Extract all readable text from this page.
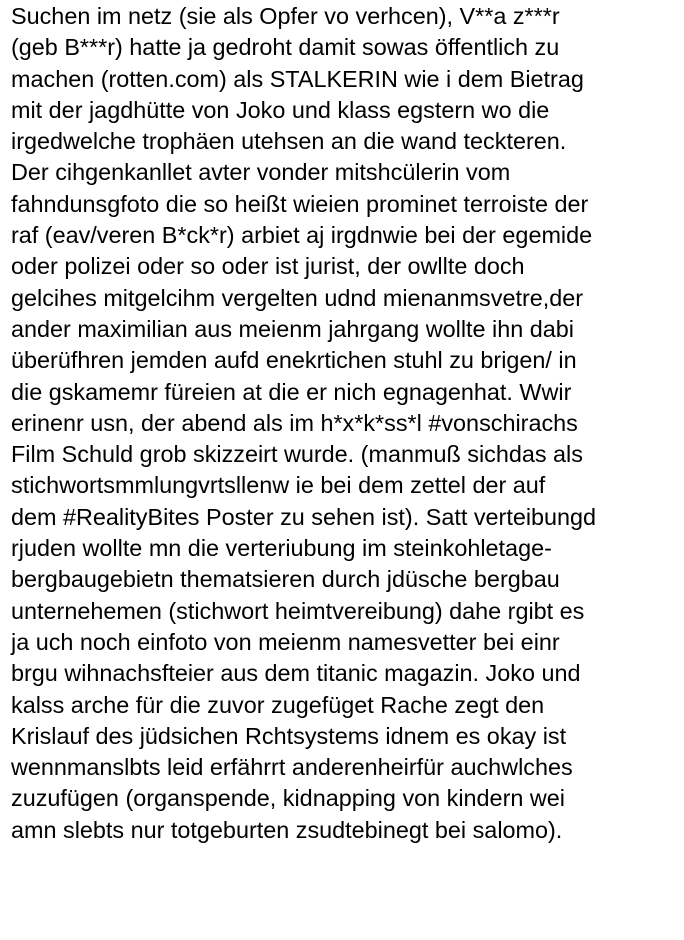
Suchen im netz (sie als Opfer vo verhcen), V**a z***r
(geb B***r) hatte ja gedroht damit sowas öffentlich zu
machen (rotten.com) als STALKERIN wie i dem Bietrag
mit der jagdhütte von Joko und klass egstern wo die
irgedwelche trophäen utehsen an die wand teckteren.
Der cihgenkanllet avter vonder mitshcülerin vom
fahndunsgfoto die so heißt wieien prominet terroiste der
raf (eav/veren B*ck*r) arbiet aj irgdnwie bei der egemide
oder polizei oder so oder ist jurist, der owllte doch
gelcihes mitgelcihm vergelten udnd mienanmsvetre,der
ander maximilian aus meienm jahrgang wollte ihn dabi
überüfhren jemden aufd enekrtichen stuhl zu brigen/ in
die gskamemr füreien at die er nich egnagenhat. Wwir
erinenr usn, der abend als im h*x*k*ss*l #vonschirachs
Film Schuld grob skizzeirt wurde. (manmuß sichdas als
stichwortsmmlungvrtsllenw ie bei dem zettel der auf
dem #RealityBites Poster zu sehen ist). Satt verteibungd
rjuden wollte mn die verteriubung im steinkohletage-
bergbaugebietn thematsieren durch jdüsche bergbau
unternehemen (stichwort heimtvereibung) dahe rgibt es
ja uch noch einfoto von meienm namesvetter bei einr
brgu wihnachsfteier aus dem titanic magazin. Joko und
kalss arche für die zuvor zugefüget Rache zegt den
Krislauf des jüdsichen Rchtsystems idnem es okay ist
wennmanslbts leid erfährrt anderenheirfür auchwlches
zuzufügen (organspende, kidnapping von kindern wei
amn slebts nur totgeburten zsudtebinegt bei salomo).
